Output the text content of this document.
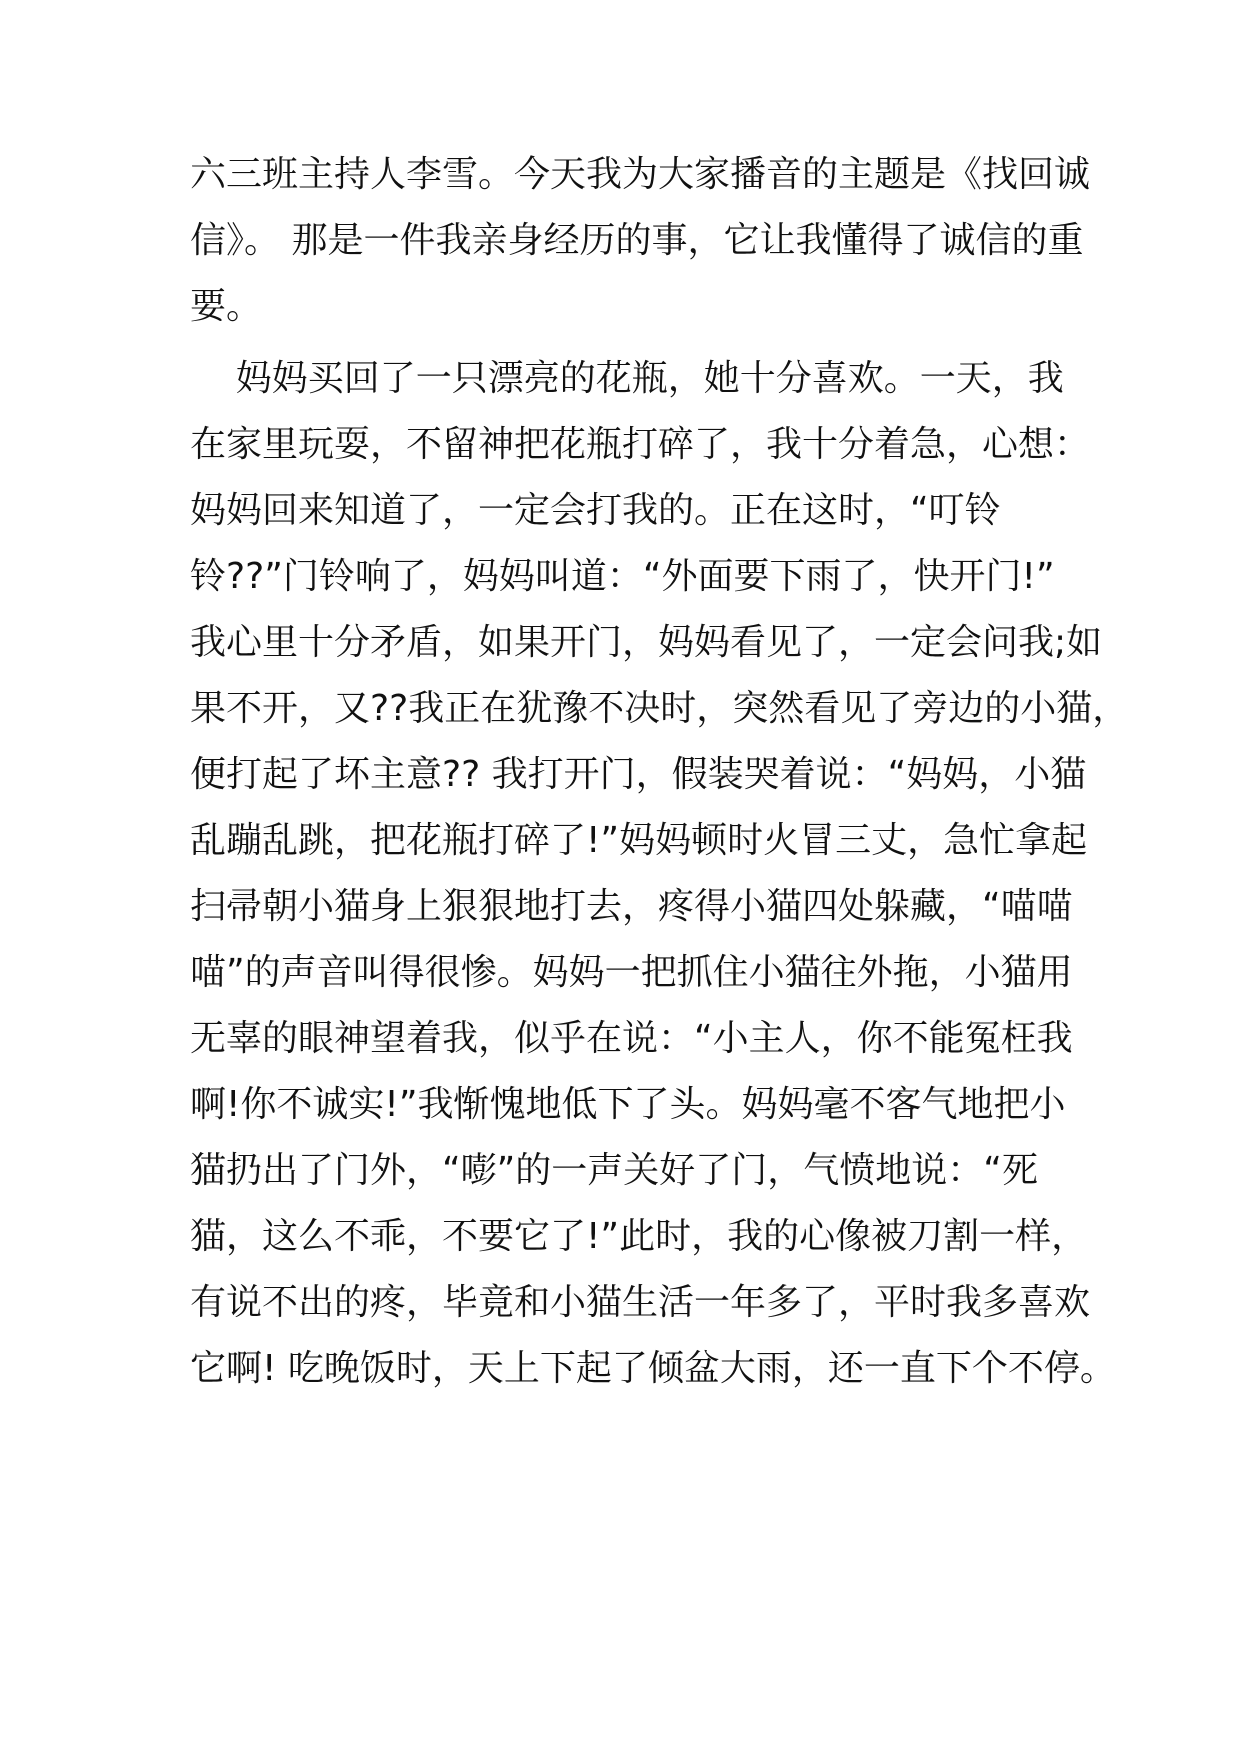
六三班主持人李雪。今天我为大家播音的主题是《找回诚

信》。 那是一件我亲身经历的事，它让我懂得了诚信的重

要。

妈妈买回了一只漂亮的花瓶，她十分喜欢。一天，我

在家里玩耍，不留神把花瓶打碎了，我十分着急，心想：

妈妈回来知道了，一定会打我的。正在这时，“叮铃

铃??”门铃响了，妈妈叫道：“外面要下雨了，快开门!”

我心里十分矛盾，如果开门，妈妈看见了，一定会问我;如

果不开，又??我正在犹豫不决时，突然看见了旁边的小猫，

便打起了坏主意?? 我打开门，假装哭着说：“妈妈，小猫

乱蹦乱跳，把花瓶打碎了!”妈妈顿时火冒三丈，急忙拿起

扫帚朝小猫身上狠狠地打去，疼得小猫四处躲藏，“喵喵

喵”的声音叫得很惨。妈妈一把抓住小猫往外拖，小猫用

无辜的眼神望着我，似乎在说：“小主人，你不能冤枉我

啊!你不诚实!”我惭愧地低下了头。妈妈毫不客气地把小

猫扔出了门外，“嘭”的一声关好了门，气愤地说：“死

猫，这么不乖，不要它了!”此时，我的心像被刀割一样，

有说不出的疼，毕竟和小猫生活一年多了，平时我多喜欢

它啊! 吃晚饭时，天上下起了倾盆大雨，还一直下个不停。
